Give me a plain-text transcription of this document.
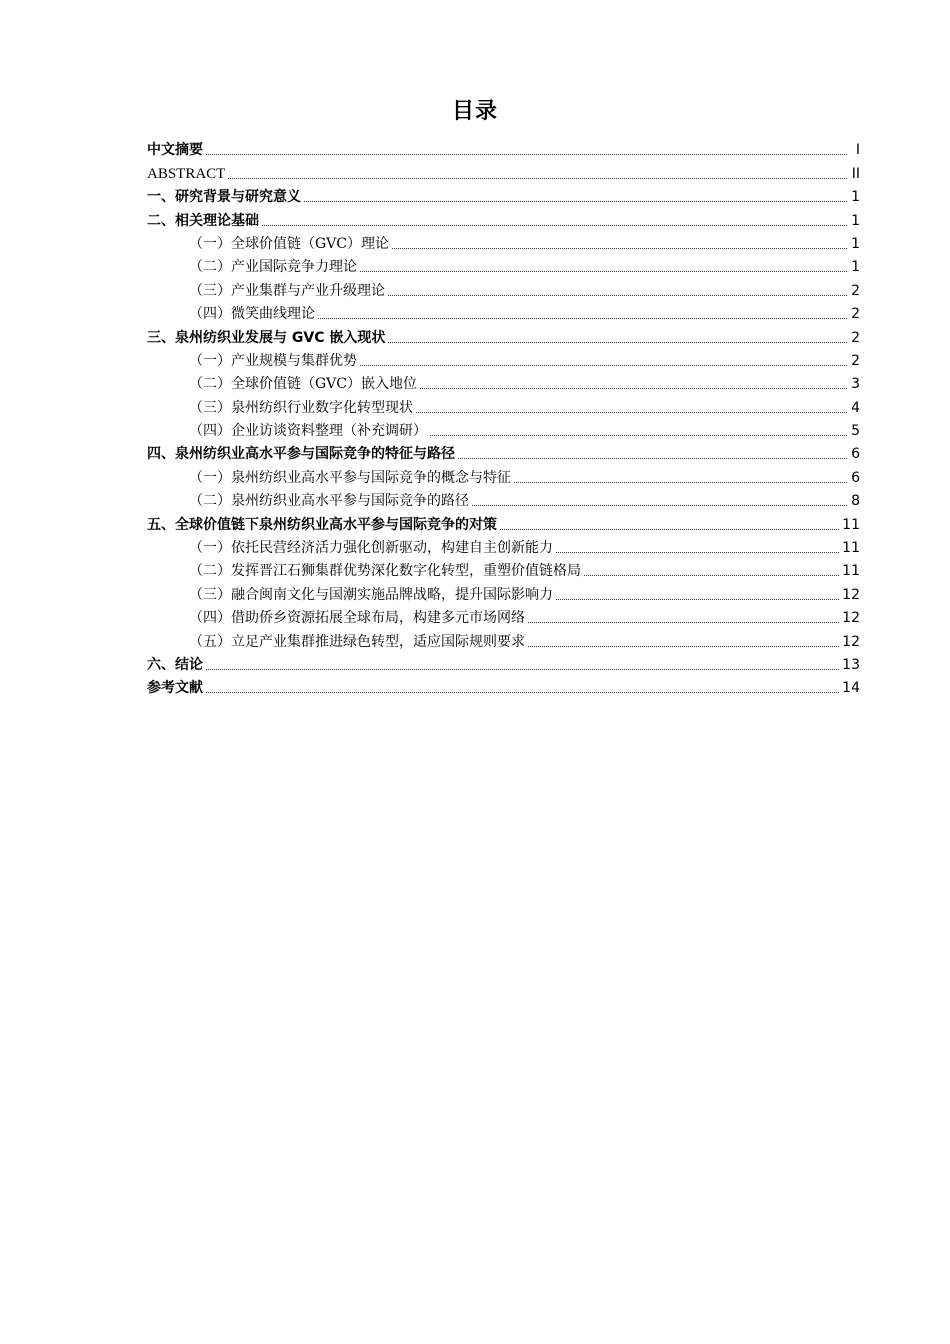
目录
中文摘要	I
ABSTRACT	II
一、研究背景与研究意义	1
二、相关理论基础	1
（一）全球价值链（GVC）理论	1
（二）产业国际竞争力理论	1
（三）产业集群与产业升级理论	2
（四）微笑曲线理论	2
三、泉州纺织业发展与 GVC 嵌入现状	2
（一）产业规模与集群优势	2
（二）全球价值链（GVC）嵌入地位	3
（三）泉州纺织行业数字化转型现状	4
（四）企业访谈资料整理（补充调研）	5
四、泉州纺织业高水平参与国际竞争的特征与路径	6
（一）泉州纺织业高水平参与国际竞争的概念与特征	6
（二）泉州纺织业高水平参与国际竞争的路径	8
五、全球价值链下泉州纺织业高水平参与国际竞争的对策	11
（一）依托民营经济活力强化创新驱动，构建自主创新能力	11
（二）发挥晋江石狮集群优势深化数字化转型，重塑价值链格局	11
（三）融合闽南文化与国潮实施品牌战略，提升国际影响力	12
（四）借助侨乡资源拓展全球布局，构建多元市场网络	12
（五）立足产业集群推进绿色转型，适应国际规则要求	12
六、结论	13
参考文献	14
